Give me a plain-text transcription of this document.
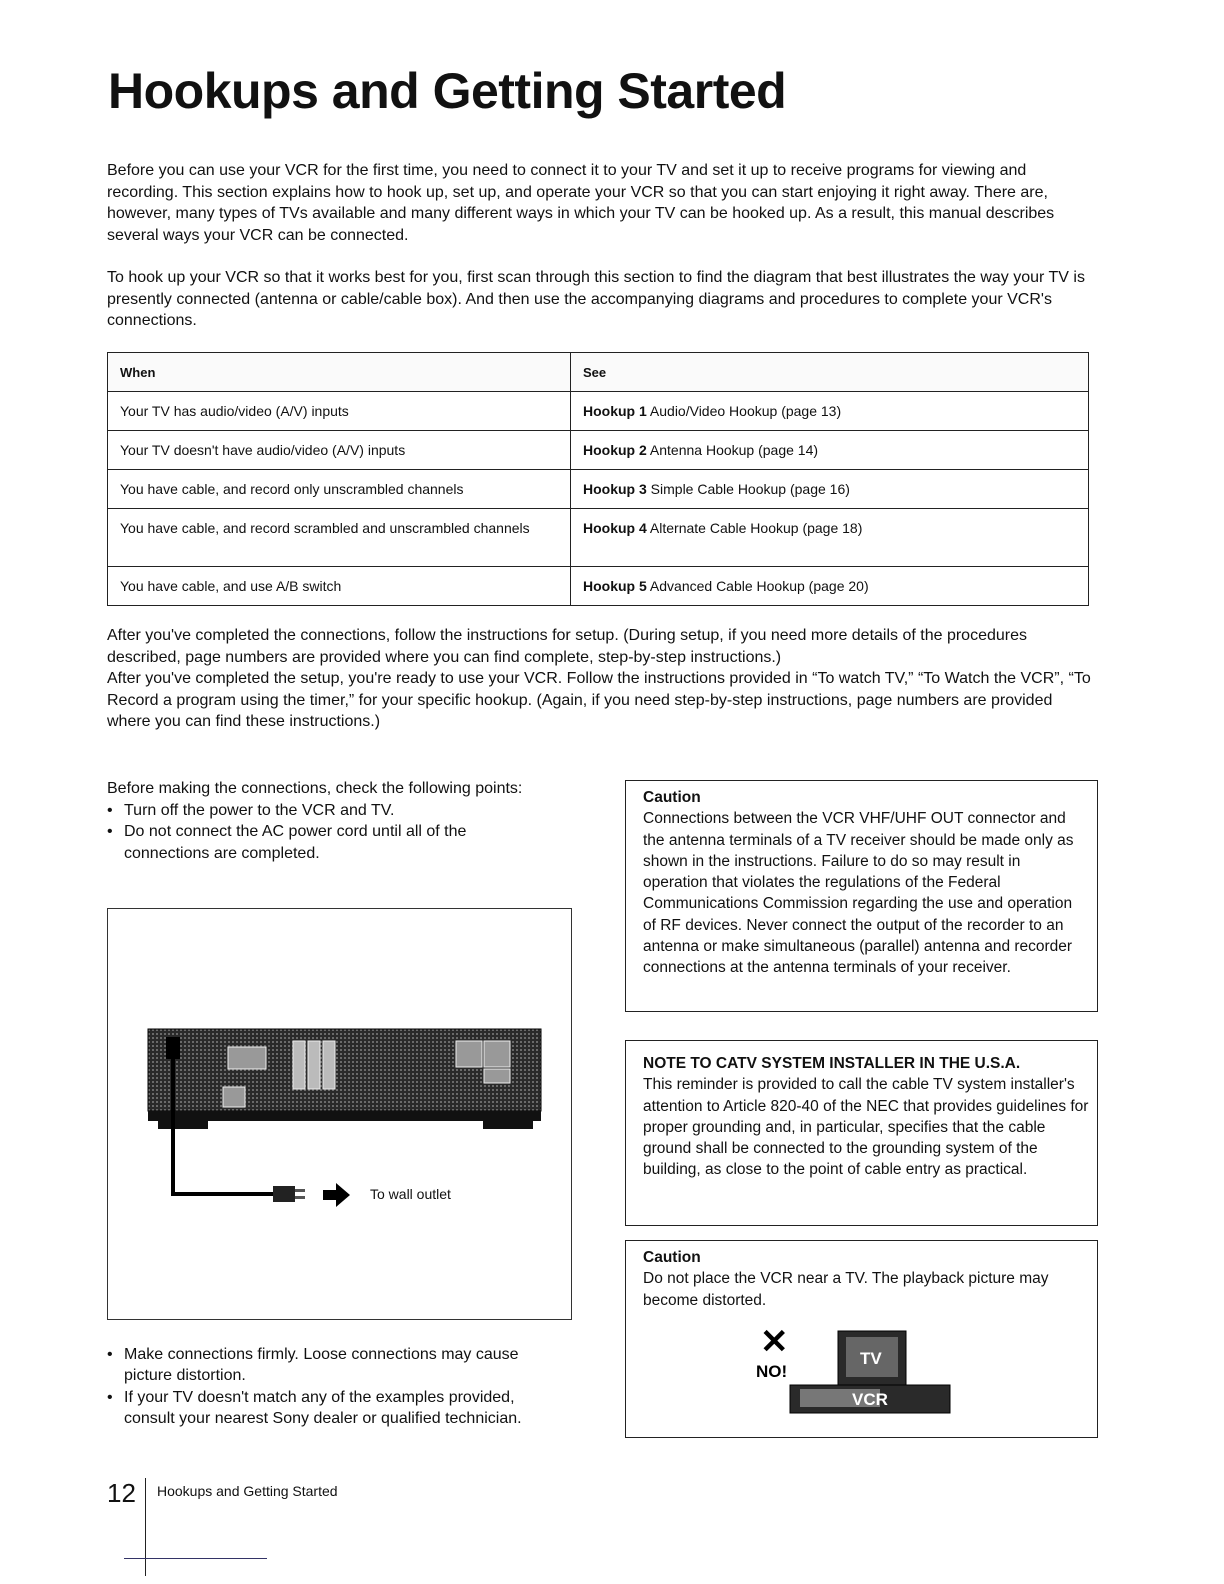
Hookups and Getting Started

Before you can use your VCR for the first time, you need to connect it to your TV and set it up to receive programs for viewing and recording. This section explains how to hook up, set up, and operate your VCR so that you can start enjoying it right away. There are, however, many types of TVs available and many different ways in which your TV can be hooked up. As a result, this manual describes several ways your VCR can be connected.

To hook up your VCR so that it works best for you, first scan through this section to find the diagram that best illustrates the way your TV is presently connected (antenna or cable/cable box). And then use the accompanying diagrams and procedures to complete your VCR's connections.

When	See
Your TV has audio/video (A/V) inputs	Hookup 1 Audio/Video Hookup (page 13)
Your TV doesn't have audio/video (A/V) inputs	Hookup 2 Antenna Hookup (page 14)
You have cable, and record only unscrambled channels	Hookup 3 Simple Cable Hookup (page 16)
You have cable, and record scrambled and unscrambled channels	Hookup 4 Alternate Cable Hookup (page 18)
You have cable, and use A/B switch	Hookup 5 Advanced Cable Hookup (page 20)

After you've completed the connections, follow the instructions for setup. (During setup, if you need more details of the procedures described, page numbers are provided where you can find complete, step-by-step instructions.)

After you've completed the setup, you're ready to use your VCR. Follow the instructions provided in “To watch TV,” “To Watch the VCR”, “To Record a program using the timer,” for your specific hookup. (Again, if you need step-by-step instructions, page numbers are provided where you can find these instructions.)

Before making the connections, check the following points:
• Turn off the power to the VCR and TV.
• Do not connect the AC power cord until all of the connections are completed.
To wall outlet
• Make connections firmly. Loose connections may cause picture distortion.
• If your TV doesn't match any of the examples provided, consult your nearest Sony dealer or qualified technician.
Caution
Connections between the VCR VHF/UHF OUT connector and the antenna terminals of a TV receiver should be made only as shown in the instructions. Failure to do so may result in operation that violates the regulations of the Federal Communications Commission regarding the use and operation of RF devices. Never connect the output of the recorder to an antenna or make simultaneous (parallel) antenna and recorder connections at the antenna terminals of your receiver.
NOTE TO CATV SYSTEM INSTALLER IN THE U.S.A.
This reminder is provided to call the cable TV system installer's attention to Article 820-40 of the NEC that provides guidelines for proper grounding and, in particular, specifies that the cable ground shall be connected to the grounding system of the building, as close to the point of cable entry as practical.
Caution
Do not place the VCR near a TV. The playback picture may become distorted.
✕
NO!
TV
VCR
12 Hookups and Getting Started
